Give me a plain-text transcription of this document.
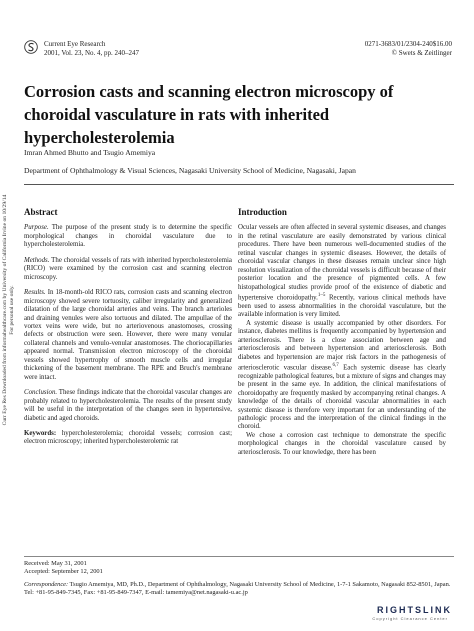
Current Eye Research
2001, Vol. 23, No. 4, pp. 240–247
0271-3683/01/2304-240$16.00
© Swets & Zeitlinger
Curr Eye Res Downloaded from informahealthcare.com by University of California Irvine on 10/29/14 For personal use only.
Corrosion casts and scanning electron microscopy of choroidal vasculature in rats with inherited hypercholesterolemia
Imran Ahmed Bhutto and Tsugio Amemiya
Department of Ophthalmology & Visual Sciences, Nagasaki University School of Medicine, Nagasaki, Japan
Abstract

Purpose. The purpose of the present study is to determine the specific morphological changes in choroidal vasculature due to hypercholesterolemia.

Methods. The choroidal vessels of rats with inherited hypercholesterolemia (RICO) were examined by the corrosion cast and scanning electron microscopy.

Results. In 18-month-old RICO rats, corrosion casts and scanning electron microscopy showed severe tortuosity, caliber irregularity and generalized dilatation of the large choroidal arteries and veins. The branch arterioles and draining venules were also tortuous and dilated. The ampullae of the vortex veins were wide, but no arteriovenous anastomoses, crossing defects or obstruction were seen. However, there were many venular collateral channels and venulo-venular anastomoses. The choriocapillaries appeared normal. Transmission electron microscopy of the choroidal vessels showed hypertrophy of smooth muscle cells and irregular thickening of the basement membrane. The RPE and Bruch's membrane were intact.

Conclusion. These findings indicate that the choroidal vascular changes are probably related to hypercholesterolemia. The results of the present study will be useful in the interpretation of the changes seen in hypertensive, diabetic and aged choroids.

Keywords: hypercholesterolemia; choroidal vessels; corrosion cast; electron microscopy; inherited hypercholesterolemic rat

Introduction

Ocular vessels are often affected in several systemic diseases, and changes in the retinal vasculature are easily demonstrated by various clinical procedures. There have been numerous well-documented studies of the retinal vascular changes in systemic diseases. However, the details of choroidal vascular changes in these diseases remain unclear since high resolution visualization of the choroidal vessels is difficult because of their posterior location and the presence of pigmented cells. A few histopathological studies provide proof of the existence of diabetic and hypertensive choroidopathy.$^{1-5}$ Recently, various clinical methods have been used to assess abnormalities in the choroidal vasculature, but the available information is very limited.

A systemic disease is usually accompanied by other disorders. For instance, diabetes mellitus is frequently accompanied by hypertension and arteriosclerosis. There is a close association between age and arteriosclerosis and between hypertension and arteriosclerosis. Both diabetes and hypertension are major risk factors in the pathogenesis of arteriosclerotic vascular disease.$^{6,7}$ Each systemic disease has clearly recognizable pathological features, but a mixture of signs and changes may be present in the same eye. In addition, the clinical manifestations of choroidopathy are frequently masked by accompanying retinal changes. A knowledge of the details of choroidal vascular abnormalities in each systemic disease is therefore very important for an understanding of the pathologic process and the interpretation of the clinical findings in the choroid.

We chose a corrosion cast technique to demonstrate the specific morphological changes in the choroidal vasculature caused by arteriosclerosis. To our knowledge, there has been

Received: May 31, 2001

Accepted: September 12, 2001

Correspondence: Tsugio Amemiya, MD, Ph.D., Department of Ophthalmology, Nagasaki University School of Medicine, 1-7-1 Sakamoto, Nagasaki 852-8501, Japan. Tel: +81-95-849-7345, Fax: +81-95-849-7347, E-mail: tamemiya@net.nagasaki-u.ac.jp

RIGHTSLINK
Copyright Clearance Center
